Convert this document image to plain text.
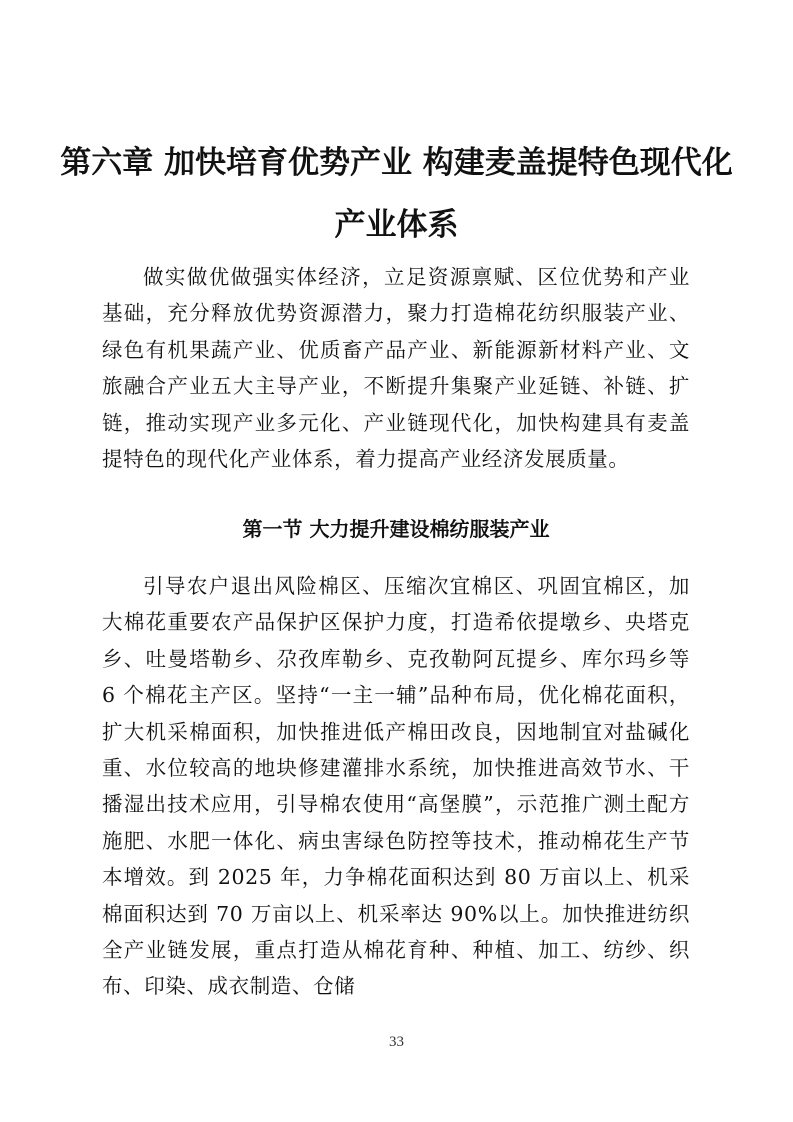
第六章 加快培育优势产业 构建麦盖提特色现代化
产业体系

做实做优做强实体经济，立足资源禀赋、区位优势和产业基础，充分释放优势资源潜力，聚力打造棉花纺织服装产业、绿色有机果蔬产业、优质畜产品产业、新能源新材料产业、文旅融合产业五大主导产业，不断提升集聚产业延链、补链、扩链，推动实现产业多元化、产业链现代化，加快构建具有麦盖提特色的现代化产业体系，着力提高产业经济发展质量。

第一节 大力提升建设棉纺服装产业

引导农户退出风险棉区、压缩次宜棉区、巩固宜棉区，加大棉花重要农产品保护区保护力度，打造希依提墩乡、央塔克乡、吐曼塔勒乡、尕孜库勒乡、克孜勒阿瓦提乡、库尔玛乡等 6 个棉花主产区。坚持“一主一辅”品种布局，优化棉花面积，扩大机采棉面积，加快推进低产棉田改良，因地制宜对盐碱化重、水位较高的地块修建灌排水系统，加快推进高效节水、干播湿出技术应用，引导棉农使用“高堡膜”，示范推广测土配方施肥、水肥一体化、病虫害绿色防控等技术，推动棉花生产节本增效。到 2025 年，力争棉花面积达到 80 万亩以上、机采棉面积达到 70 万亩以上、机采率达 90%以上。加快推进纺织全产业链发展，重点打造从棉花育种、种植、加工、纺纱、织布、印染、成衣制造、仓储

33
